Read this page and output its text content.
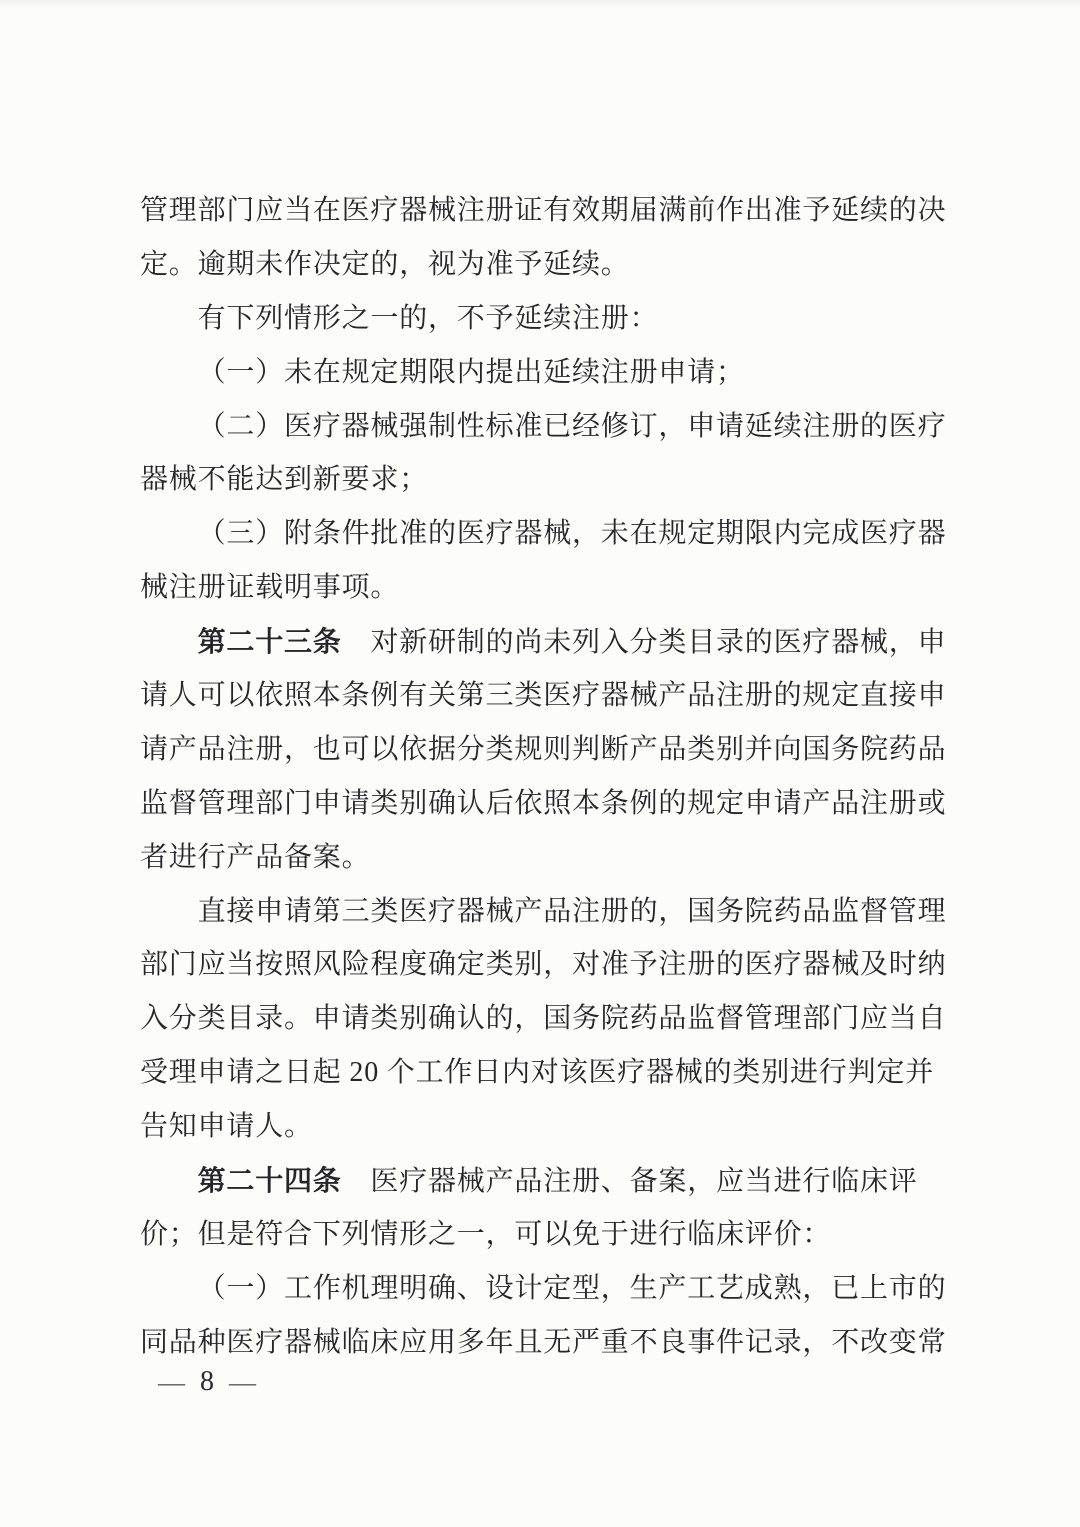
管理部门应当在医疗器械注册证有效期届满前作出准予延续的决
定。逾期未作决定的，视为准予延续。
有下列情形之一的，不予延续注册：
（一）未在规定期限内提出延续注册申请；
（二）医疗器械强制性标准已经修订，申请延续注册的医疗
器械不能达到新要求；
（三）附条件批准的医疗器械，未在规定期限内完成医疗器
械注册证载明事项。
第二十三条　对新研制的尚未列入分类目录的医疗器械，申
请人可以依照本条例有关第三类医疗器械产品注册的规定直接申
请产品注册，也可以依据分类规则判断产品类别并向国务院药品
监督管理部门申请类别确认后依照本条例的规定申请产品注册或
者进行产品备案。
直接申请第三类医疗器械产品注册的，国务院药品监督管理
部门应当按照风险程度确定类别，对准予注册的医疗器械及时纳
入分类目录。申请类别确认的，国务院药品监督管理部门应当自
受理申请之日起 20 个工作日内对该医疗器械的类别进行判定并
告知申请人。
第二十四条　医疗器械产品注册、备案，应当进行临床评
价；但是符合下列情形之一，可以免于进行临床评价：
（一）工作机理明确、设计定型，生产工艺成熟，已上市的
同品种医疗器械临床应用多年且无严重不良事件记录，不改变常
— 8 —
